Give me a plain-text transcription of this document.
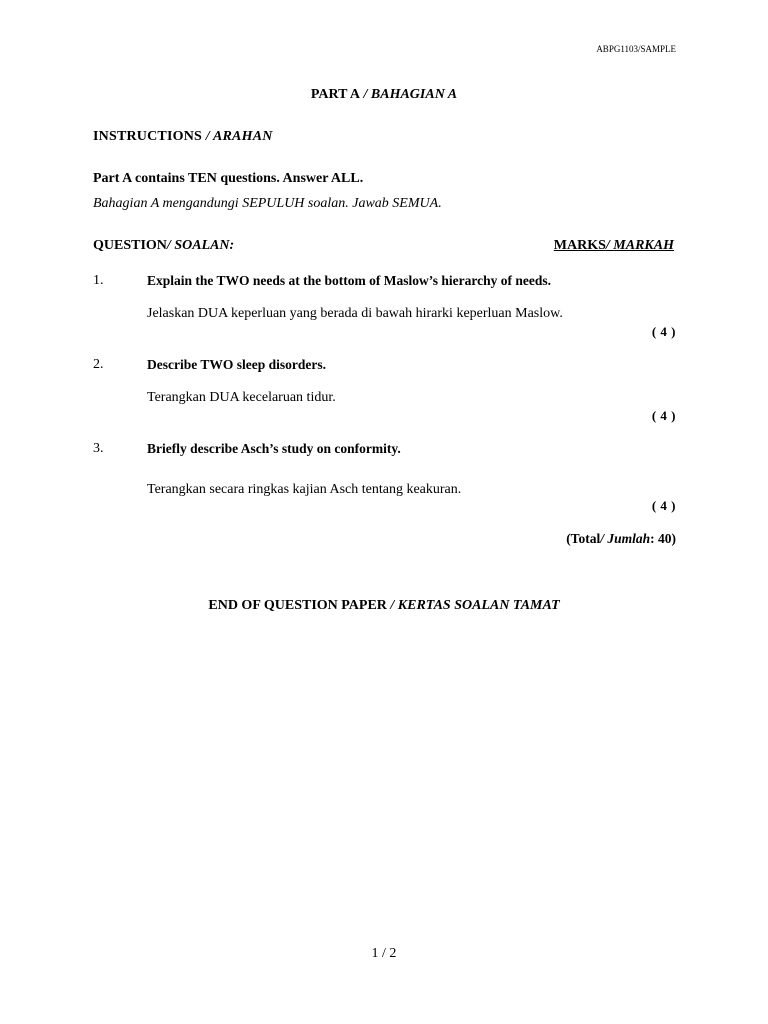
ABPG1103/SAMPLE
PART A / BAHAGIAN A
INSTRUCTIONS / ARAHAN
Part A contains TEN questions. Answer ALL.
Bahagian A mengandungi SEPULUH soalan. Jawab SEMUA.
QUESTION/ SOALAN:	MARKS/ MARKAH
1.	Explain the TWO needs at the bottom of Maslow’s hierarchy of needs.
Jelaskan DUA keperluan yang berada di bawah hirarki keperluan Maslow.
( 4 )
2.	Describe TWO sleep disorders.
Terangkan DUA kecelaruan tidur.
( 4 )
3.	Briefly describe Asch’s study on conformity.
Terangkan secara ringkas kajian Asch tentang keakuran.
( 4 )
(Total/ Jumlah: 40)
END OF QUESTION PAPER / KERTAS SOALAN TAMAT
1 / 2
